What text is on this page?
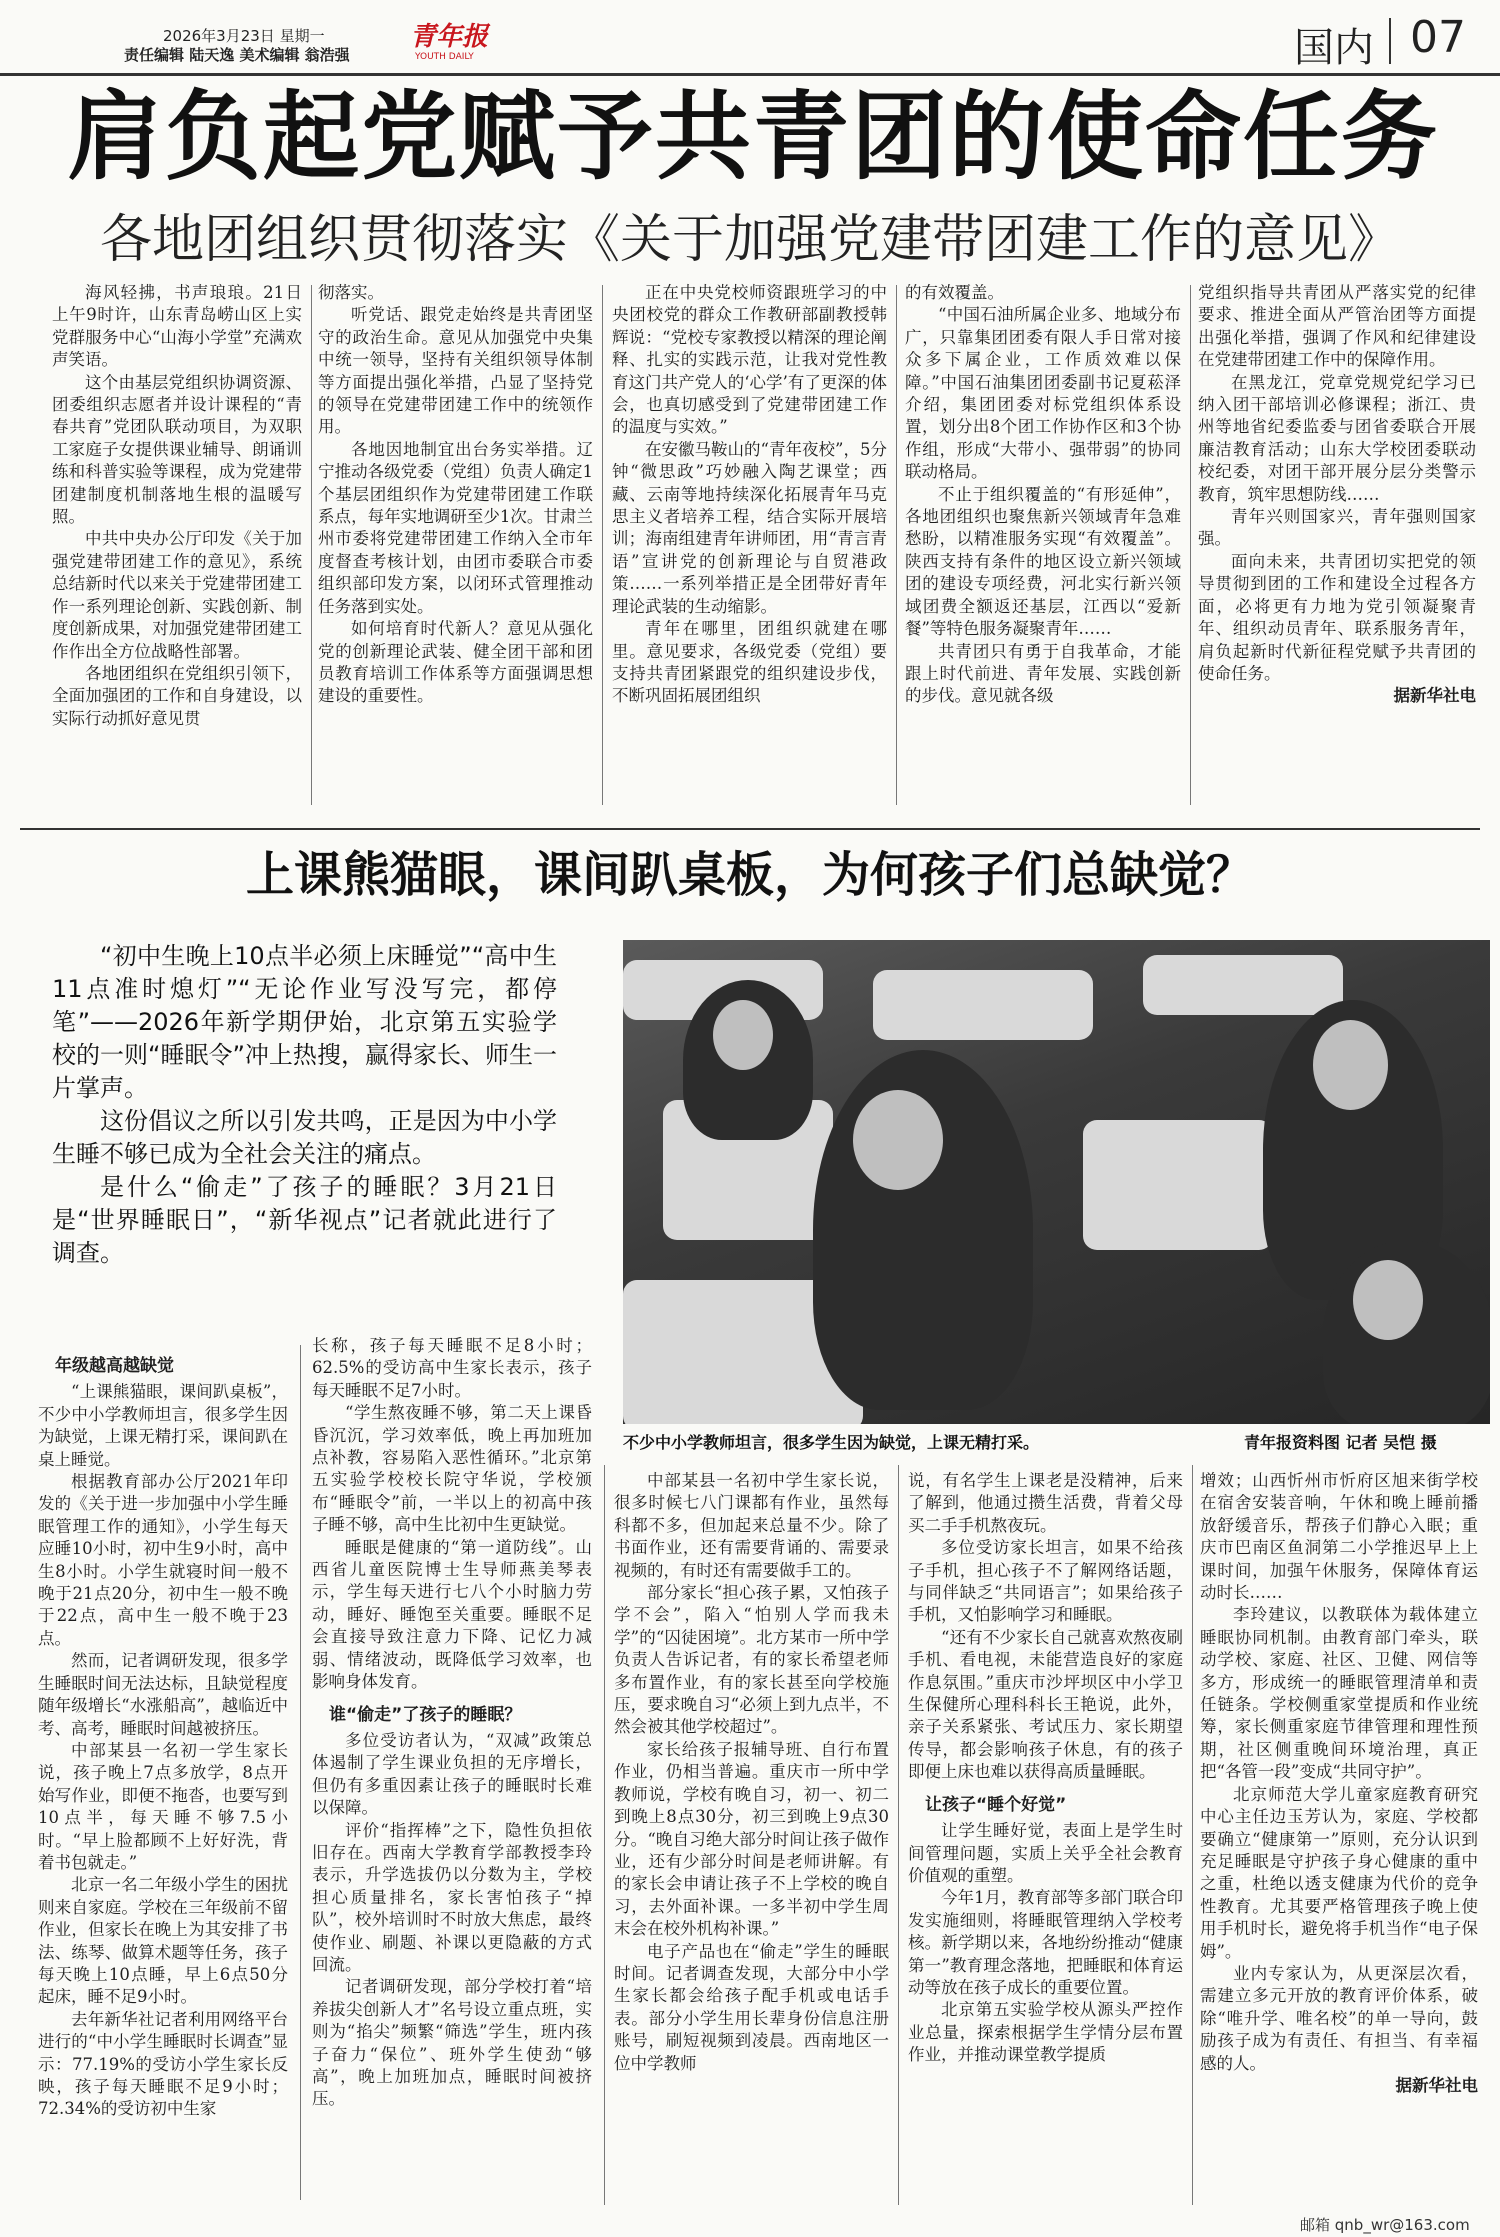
2026年3月23日 星期一
责任编辑 陆天逸 美术编辑 翁浩强
青年报
YOUTH DAILY	国内 07
肩负起党赋予共青团的使命任务
各地团组织贯彻落实《关于加强党建带团建工作的意见》

海风轻拂，书声琅琅。21日上午9时许，山东青岛崂山区上实党群服务中心“山海小学堂”充满欢声笑语。

这个由基层党组织协调资源、团委组织志愿者并设计课程的“青春共育”党团队联动项目，为双职工家庭子女提供课业辅导、朗诵训练和科普实验等课程，成为党建带团建制度机制落地生根的温暖写照。

中共中央办公厅印发《关于加强党建带团建工作的意见》，系统总结新时代以来关于党建带团建工作一系列理论创新、实践创新、制度创新成果，对加强党建带团建工作作出全方位战略性部署。

各地团组织在党组织引领下，全面加强团的工作和自身建设，以实际行动抓好意见贯

彻落实。

听党话、跟党走始终是共青团坚守的政治生命。意见从加强党中央集中统一领导，坚持有关组织领导体制等方面提出强化举措，凸显了坚持党的领导在党建带团建工作中的统领作用。

各地因地制宜出台务实举措。辽宁推动各级党委（党组）负责人确定1个基层团组织作为党建带团建工作联系点，每年实地调研至少1次。甘肃兰州市委将党建带团建工作纳入全市年度督查考核计划，由团市委联合市委组织部印发方案，以闭环式管理推动任务落到实处。

如何培育时代新人？意见从强化党的创新理论武装、健全团干部和团员教育培训工作体系等方面强调思想建设的重要性。

正在中央党校师资跟班学习的中央团校党的群众工作教研部副教授韩辉说：“党校专家教授以精深的理论阐释、扎实的实践示范，让我对党性教育这门共产党人的‘心学’有了更深的体会，也真切感受到了党建带团建工作的温度与实效。”

在安徽马鞍山的“青年夜校”，5分钟“微思政”巧妙融入陶艺课堂；西藏、云南等地持续深化拓展青年马克思主义者培养工程，结合实际开展培训；海南组建青年讲师团，用“青言青语”宣讲党的创新理论与自贸港政策……一系列举措正是全团带好青年理论武装的生动缩影。

青年在哪里，团组织就建在哪里。意见要求，各级党委（党组）要支持共青团紧跟党的组织建设步伐，不断巩固拓展团组织

的有效覆盖。

“中国石油所属企业多、地域分布广，只靠集团团委有限人手日常对接众多下属企业，工作质效难以保障。”中国石油集团团委副书记夏菘泽介绍，集团团委对标党组织体系设置，划分出8个团工作协作区和3个协作组，形成“大带小、强带弱”的协同联动格局。

不止于组织覆盖的“有形延伸”，各地团组织也聚焦新兴领域青年急难愁盼，以精准服务实现“有效覆盖”。陕西支持有条件的地区设立新兴领域团的建设专项经费，河北实行新兴领域团费全额返还基层，江西以“爱新餐”等特色服务凝聚青年……

共青团只有勇于自我革命，才能跟上时代前进、青年发展、实践创新的步伐。意见就各级

党组织指导共青团从严落实党的纪律要求、推进全面从严管治团等方面提出强化举措，强调了作风和纪律建设在党建带团建工作中的保障作用。

在黑龙江，党章党规党纪学习已纳入团干部培训必修课程；浙江、贵州等地省纪委监委与团省委联合开展廉洁教育活动；山东大学校团委联动校纪委，对团干部开展分层分类警示教育，筑牢思想防线……

青年兴则国家兴，青年强则国家强。

面向未来，共青团切实把党的领导贯彻到团的工作和建设全过程各方面，必将更有力地为党引领凝聚青年、组织动员青年、联系服务青年，肩负起新时代新征程党赋予共青团的使命任务。

据新华社电

上课熊猫眼，课间趴桌板，为何孩子们总缺觉？

“初中生晚上10点半必须上床睡觉”“高中生11点准时熄灯”“无论作业写没写完，都停笔”——2026年新学期伊始，北京第五实验学校的一则“睡眠令”冲上热搜，赢得家长、师生一片掌声。

这份倡议之所以引发共鸣，正是因为中小学生睡不够已成为全社会关注的痛点。

是什么“偷走”了孩子的睡眠？3月21日是“世界睡眠日”，“新华视点”记者就此进行了调查。

不少中小学教师坦言，很多学生因为缺觉，上课无精打采。	青年报资料图 记者 吴恺 摄
年级越高越缺觉

“上课熊猫眼，课间趴桌板”，不少中小学教师坦言，很多学生因为缺觉，上课无精打采，课间趴在桌上睡觉。

根据教育部办公厅2021年印发的《关于进一步加强中小学生睡眠管理工作的通知》，小学生每天应睡10小时，初中生9小时，高中生8小时。小学生就寝时间一般不晚于21点20分，初中生一般不晚于22点，高中生一般不晚于23点。

然而，记者调研发现，很多学生睡眠时间无法达标，且缺觉程度随年级增长“水涨船高”，越临近中考、高考，睡眠时间越被挤压。

中部某县一名初一学生家长说，孩子晚上7点多放学，8点开始写作业，即便不拖沓，也要写到10点半，每天睡不够7.5小时。“早上脸都顾不上好好洗，背着书包就走。”

北京一名二年级小学生的困扰则来自家庭。学校在三年级前不留作业，但家长在晚上为其安排了书法、练琴、做算术题等任务，孩子每天晚上10点睡，早上6点50分起床，睡不足9小时。

去年新华社记者利用网络平台进行的“中小学生睡眠时长调查”显示：77.19%的受访小学生家长反映，孩子每天睡眠不足9小时；72.34%的受访初中生家

长称，孩子每天睡眠不足8小时；62.5%的受访高中生家长表示，孩子每天睡眠不足7小时。

“学生熬夜睡不够，第二天上课昏昏沉沉，学习效率低，晚上再加班加点补教，容易陷入恶性循环。”北京第五实验学校校长院守华说，学校颁布“睡眠令”前，一半以上的初高中孩子睡不够，高中生比初中生更缺觉。

睡眠是健康的“第一道防线”。山西省儿童医院博士生导师燕美琴表示，学生每天进行七八个小时脑力劳动，睡好、睡饱至关重要。睡眠不足会直接导致注意力下降、记忆力减弱、情绪波动，既降低学习效率，也影响身体发育。

谁“偷走”了孩子的睡眠？

多位受访者认为，“双减”政策总体遏制了学生课业负担的无序增长，但仍有多重因素让孩子的睡眠时长难以保障。

评价“指挥棒”之下，隐性负担依旧存在。西南大学教育学部教授李玲表示，升学选拔仍以分数为主，学校担心质量排名，家长害怕孩子“掉队”，校外培训时不时放大焦虑，最终使作业、刷题、补课以更隐蔽的方式回流。

记者调研发现，部分学校打着“培养拔尖创新人才”名号设立重点班，实则为“掐尖”频繁“筛选”学生，班内孩子奋力“保位”、班外学生使劲“够高”，晚上加班加点，睡眠时间被挤压。

中部某县一名初中学生家长说，很多时候七八门课都有作业，虽然每科都不多，但加起来总量不少。除了书面作业，还有需要背诵的、需要录视频的，有时还有需要做手工的。

部分家长“担心孩子累，又怕孩子学不会”，陷入“怕别人学而我未学”的“囚徒困境”。北方某市一所中学负责人告诉记者，有的家长希望老师多布置作业，有的家长甚至向学校施压，要求晚自习“必须上到九点半，不然会被其他学校超过”。

家长给孩子报辅导班、自行布置作业，仍相当普遍。重庆市一所中学教师说，学校有晚自习，初一、初二到晚上8点30分，初三到晚上9点30分。“晚自习绝大部分时间让孩子做作业，还有少部分时间是老师讲解。有的家长会申请让孩子不上学校的晚自习，去外面补课。一多半初中学生周末会在校外机构补课。”

电子产品也在“偷走”学生的睡眠时间。记者调查发现，大部分中小学生家长都会给孩子配手机或电话手表。部分小学生用长辈身份信息注册账号，刷短视频到凌晨。西南地区一位中学教师

说，有名学生上课老是没精神，后来了解到，他通过攒生活费，背着父母买二手手机熬夜玩。

多位受访家长坦言，如果不给孩子手机，担心孩子不了解网络话题，与同伴缺乏“共同语言”；如果给孩子手机，又怕影响学习和睡眠。

“还有不少家长自己就喜欢熬夜刷手机、看电视，未能营造良好的家庭作息氛围。”重庆市沙坪坝区中小学卫生保健所心理科科长王艳说，此外，亲子关系紧张、考试压力、家长期望传导，都会影响孩子休息，有的孩子即便上床也难以获得高质量睡眠。

让孩子“睡个好觉”

让学生睡好觉，表面上是学生时间管理问题，实质上关乎全社会教育价值观的重塑。

今年1月，教育部等多部门联合印发实施细则，将睡眠管理纳入学校考核。新学期以来，各地纷纷推动“健康第一”教育理念落地，把睡眠和体育运动等放在孩子成长的重要位置。

北京第五实验学校从源头严控作业总量，探索根据学生学情分层布置作业，并推动课堂教学提质

增效；山西忻州市忻府区旭来街学校在宿舍安装音响，午休和晚上睡前播放舒缓音乐，帮孩子们静心入眠；重庆市巴南区鱼洞第二小学推迟早上上课时间，加强午休服务，保障体育运动时长……

李玲建议，以教联体为载体建立睡眠协同机制。由教育部门牵头，联动学校、家庭、社区、卫健、网信等多方，形成统一的睡眠管理清单和责任链条。学校侧重家堂提质和作业统筹，家长侧重家庭节律管理和理性预期，社区侧重晚间环境治理，真正把“各管一段”变成“共同守护”。

北京师范大学儿童家庭教育研究中心主任边玉芳认为，家庭、学校都要确立“健康第一”原则，充分认识到充足睡眠是守护孩子身心健康的重中之重，杜绝以透支健康为代价的竞争性教育。尤其要严格管理孩子晚上使用手机时长，避免将手机当作“电子保姆”。

业内专家认为，从更深层次看，需建立多元开放的教育评价体系，破除“唯升学、唯名校”的单一导向，鼓励孩子成为有责任、有担当、有幸福感的人。

据新华社电

邮箱 qnb_wr@163.com
